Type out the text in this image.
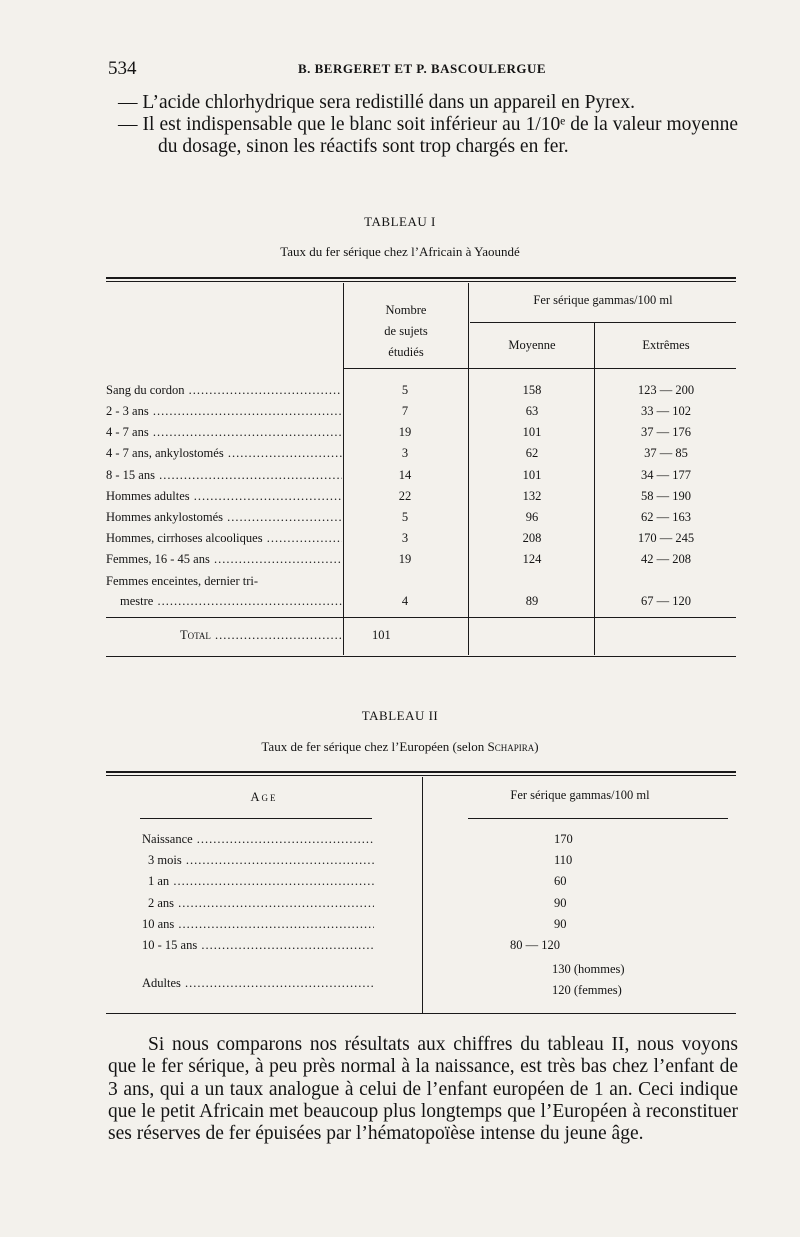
534	B. BERGERET ET P. BASCOULERGUE

— L’acide chlorhydrique sera redistillé dans un appareil en Pyrex.

— Il est indispensable que le blanc soit inférieur au 1/10ᵉ de la valeur moyenne du dosage, sinon les réactifs sont trop chargés en fer.

TABLEAU I
Taux du fer sérique chez l’Africain à Yaoundé
Nombre
de sujets
étudiés
Fer sérique gammas/100 ml
Moyenne	Extrêmes
Sang du cordon .....	5	158	123 — 200
2 - 3 ans .....	7	63	33 — 102
4 - 7 ans .....	19	101	37 — 176
4 - 7 ans, ankylostomés .....	3	62	37 — 85
8 - 15 ans .....	14	101	34 — 177
Hommes adultes .....	22	132	58 — 190
Hommes ankylostomés .....	5	96	62 — 163
Hommes, cirrhoses alcooliques .....	3	208	170 — 245
Femmes, 16 - 45 ans .....	19	124	42 — 208
Femmes enceintes, dernier tri-
mestre .....	4	89	67 — 120
Total .....	101
TABLEAU II
Taux de fer sérique chez l’Européen (selon Schapira)
Age	Fer sérique gammas/100 ml
Naissance .....	170
3 mois .....	110
1 an .....	60
2 ans .....	90
10 ans .....	90
10 - 15 ans .....	80 — 120
Adultes .....
130 (hommes)
120 (femmes)

Si nous comparons nos résultats aux chiffres du tableau II, nous voyons que le fer sérique, à peu près normal à la naissance, est très bas chez l’enfant de 3 ans, qui a un taux analogue à celui de l’enfant européen de 1 an. Ceci indique que le petit Africain met beaucoup plus longtemps que l’Européen à reconstituer ses réserves de fer épuisées par l’hématopoïèse intense du jeune âge.
